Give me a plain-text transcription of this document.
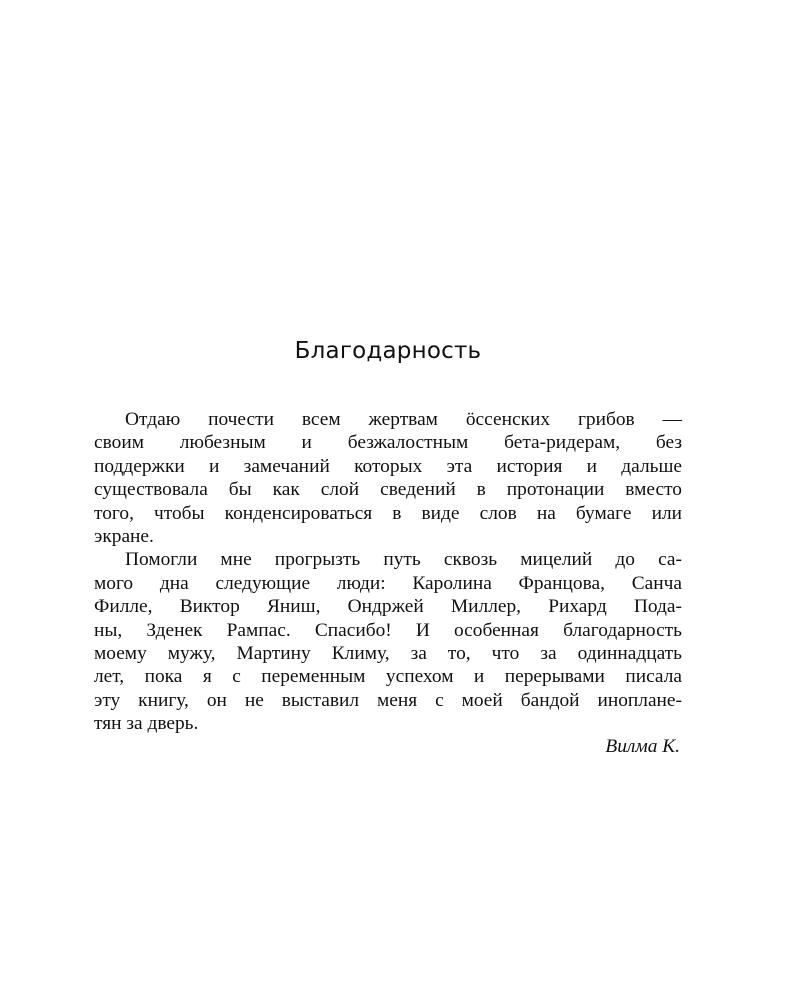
Благодарность
Отдаю почести всем жертвам ӧссенских грибов —
своим любезным и безжалостным бета-ридерам, без
поддержки и замечаний которых эта история и дальше
существовала бы как слой сведений в протонации вместо
того, чтобы конденсироваться в виде слов на бумаге или
экране.
Помогли мне прогрызть путь сквозь мицелий до са-
мого дна следующие люди: Каролина Францова, Санча
Филле, Виктор Яниш, Ондржей Миллер, Рихард Пода-
ны, Зденек Рампас. Спасибо! И особенная благодарность
моему мужу, Мартину Климу, за то, что за одиннадцать
лет, пока я с переменным успехом и перерывами писала
эту книгу, он не выставил меня с моей бандой иноплане-
тян за дверь.
Вилма К.
